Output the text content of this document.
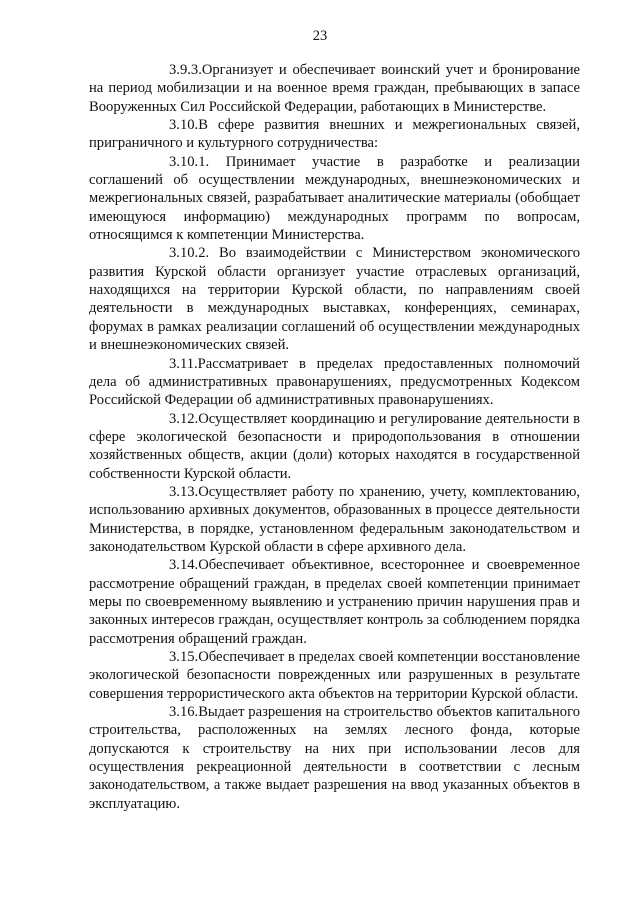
23

3.9.3.Организует и обеспечивает воинский учет и бронирование на период мобилизации и на военное время граждан, пребывающих в запасе Вооруженных Сил Российской Федерации, работающих в Министерстве.

3.10.В сфере развития внешних и межрегиональных связей, приграничного и культурного сотрудничества:

3.10.1. Принимает участие в разработке и реализации соглашений об осуществлении международных, внешнеэкономических и межрегиональных связей, разрабатывает аналитические материалы (обобщает имеющуюся информацию) международных программ по вопросам, относящимся к компетенции Министерства.

3.10.2. Во взаимодействии с Министерством экономического развития Курской области организует участие отраслевых организаций, находящихся на территории Курской области, по направлениям своей деятельности в международных выставках, конференциях, семинарах, форумах в рамках реализации соглашений об осуществлении международных и внешнеэкономических связей.

3.11.Рассматривает в пределах предоставленных полномочий дела об административных правонарушениях, предусмотренных Кодексом Российской Федерации об административных правонарушениях.

3.12.Осуществляет координацию и регулирование деятельности в сфере экологической безопасности и природопользования в отношении хозяйственных обществ, акции (доли) которых находятся в государственной собственности Курской области.

3.13.Осуществляет работу по хранению, учету, комплектованию, использованию архивных документов, образованных в процессе деятельности Министерства, в порядке, установленном федеральным законодательством и законодательством Курской области в сфере архивного дела.

3.14.Обеспечивает объективное, всестороннее и своевременное рассмотрение обращений граждан, в пределах своей компетенции принимает меры по своевременному выявлению и устранению причин нарушения прав и законных интересов граждан, осуществляет контроль за соблюдением порядка рассмотрения обращений граждан.

3.15.Обеспечивает в пределах своей компетенции восстановление экологической безопасности поврежденных или разрушенных в результате совершения террористического акта объектов на территории Курской области.

3.16.Выдает разрешения на строительство объектов капитального строительства, расположенных на землях лесного фонда, которые допускаются к строительству на них при использовании лесов для осуществления рекреационной деятельности в соответствии с лесным законодательством, а также выдает разрешения на ввод указанных объектов в эксплуатацию.
